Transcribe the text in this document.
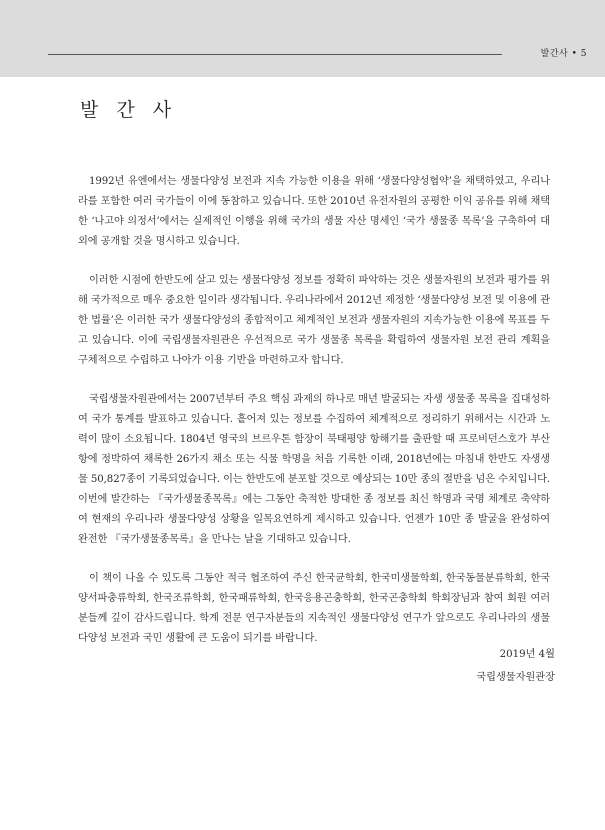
발간사 • 5
발 간 사

1992년 유엔에서는 생물다양성 보전과 지속 가능한 이용을 위해 ‘생물다양성협약’을 채택하였고, 우리나라를 포함한 여러 국가들이 이에 동참하고 있습니다. 또한 2010년 유전자원의 공평한 이익 공유를 위해 채택한 ‘나고야 의정서’에서는 실제적인 이행을 위해 국가의 생물 자산 명세인 ‘국가 생물종 목록’을 구축하여 대외에 공개할 것을 명시하고 있습니다.

이러한 시점에 한반도에 살고 있는 생물다양성 정보를 정확히 파악하는 것은 생물자원의 보전과 평가를 위해 국가적으로 매우 중요한 일이라 생각됩니다. 우리나라에서 2012년 제정한 ‘생물다양성 보전 및 이용에 관한 법률’은 이러한 국가 생물다양성의 종합적이고 체계적인 보전과 생물자원의 지속가능한 이용에 목표를 두고 있습니다. 이에 국립생물자원관은 우선적으로 국가 생물종 목록을 확립하여 생물자원 보전 관리 계획을 구체적으로 수립하고 나아가 이용 기반을 마련하고자 합니다.

국립생물자원관에서는 2007년부터 주요 핵심 과제의 하나로 매년 발굴되는 자생 생물종 목록을 집대성하여 국가 통계를 발표하고 있습니다. 흩어져 있는 정보를 수집하여 체계적으로 정리하기 위해서는 시간과 노력이 많이 소요됩니다. 1804년 영국의 브르우톤 함장이 북태평양 항해기를 출판할 때 프로비던스호가 부산항에 정박하여 채록한 26가지 채소 또는 식물 학명을 처음 기록한 이래, 2018년에는 마침내 한반도 자생생물 50,827종이 기록되었습니다. 이는 한반도에 분포할 것으로 예상되는 10만 종의 절반을 넘은 수치입니다. 이번에 발간하는 『국가생물종목록』에는 그동안 축적한 방대한 종 정보를 최신 학명과 국명 체계로 축약하여 현재의 우리나라 생물다양성 상황을 일목요연하게 제시하고 있습니다. 언젠가 10만 종 발굴을 완성하여 완전한 『국가생물종목록』을 만나는 날을 기대하고 있습니다.

이 책이 나올 수 있도록 그동안 적극 협조하여 주신 한국균학회, 한국미생물학회, 한국동물분류학회, 한국양서파충류학회, 한국조류학회, 한국패류학회, 한국응용곤충학회, 한국곤충학회 학회장님과 참여 회원 여러분들께 깊이 감사드립니다. 학계 전문 연구자분들의 지속적인 생물다양성 연구가 앞으로도 우리나라의 생물다양성 보전과 국민 생활에 큰 도움이 되기를 바랍니다.

2019년 4월
국립생물자원관장
